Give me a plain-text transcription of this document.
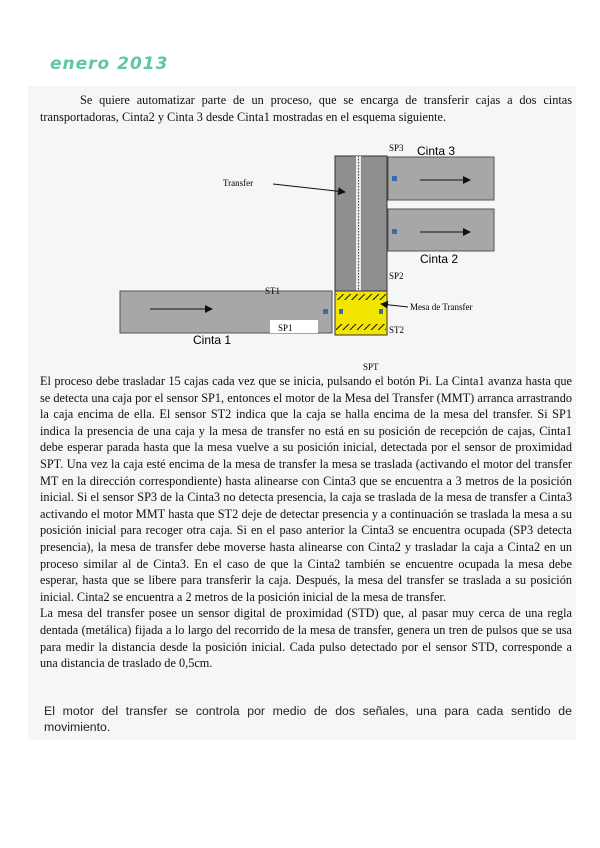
enero 2013

Se quiere automatizar parte de un proceso, que se encarga de transferir cajas a dos cintas transportadoras, Cinta2 y Cinta 3 desde Cinta1 mostradas en el esquema siguiente.

Cinta 3
SP3
Cinta 2
SP2
Transfer
Mesa de Transfer
ST2
SP1
ST1
Cinta 1
SPT

El proceso debe trasladar 15 cajas cada vez que se inicia, pulsando el botón Pi. La Cinta1 avanza hasta que se detecta una caja por el sensor SP1, entonces el motor de la Mesa del Transfer (MMT) arranca arrastrando la caja encima de ella. El sensor ST2 indica que la caja se halla encima de la mesa del transfer. Si SP1 indica la presencia de una caja y la mesa de transfer no está en su posición de recepción de cajas, Cinta1 debe esperar parada hasta que la mesa vuelve a su posición inicial, detectada por el sensor de proximidad SPT. Una vez la caja esté encima de la mesa de transfer la mesa se traslada (activando el motor del transfer MT en la dirección correspondiente) hasta alinearse con Cinta3 que se encuentra a 3 metros de la posición inicial. Si el sensor SP3 de la Cinta3 no detecta presencia, la caja se traslada de la mesa de transfer a Cinta3 activando el motor MMT hasta que ST2 deje de detectar presencia y a continuación se traslada la mesa a su posición inicial para recoger otra caja. Si en el paso anterior la Cinta3 se encuentra ocupada (SP3 detecta presencia), la mesa de transfer debe moverse hasta alinearse con Cinta2 y trasladar la caja a Cinta2 en un proceso similar al de Cinta3. En el caso de que la Cinta2 también se encuentre ocupada la mesa debe esperar, hasta que se libere para transferir la caja. Después, la mesa del transfer se traslada a su posición inicial. Cinta2 se encuentra a 2 metros de la posición inicial de la mesa de transfer.

La mesa del transfer posee un sensor digital de proximidad (STD) que, al pasar muy cerca de una regla dentada (metálica) fijada a lo largo del recorrido de la mesa de transfer, genera un tren de pulsos que se usa para medir la distancia desde la posición inicial. Cada pulso detectado por el sensor STD, corresponde a una distancia de traslado de 0,5cm.

El motor del transfer se controla por medio de dos señales, una para cada sentido de movimiento.
